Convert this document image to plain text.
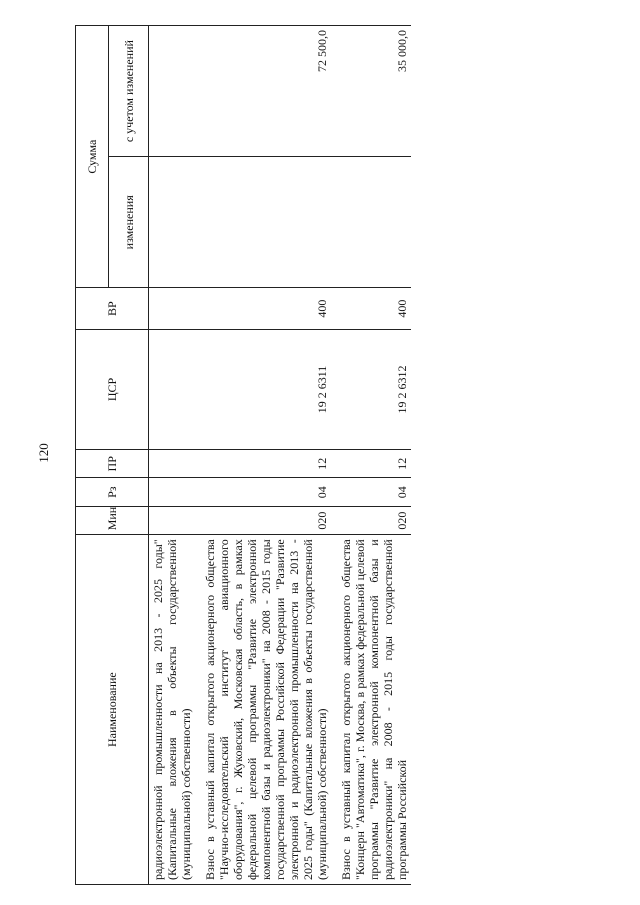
120
Наименование	Мин	Рз	ПР	ЦСР	ВР	Сумма	
						изменения	с учетом изменений
радиоэлектронной промышленности на 2013 - 2025 годы" (Капитальные вложения в объекты государственной (муниципальной) собственности)							
Взнос в уставный капитал открытого акционерного общества "Научно-исследовательский институт авиационного оборудования", г. Жуковский, Московская область, в рамках федеральной целевой программы "Развитие электронной компонентной базы и радиоэлектроники" на 2008 - 2015 годы государственной программы Российской Федерации "Развитие электронной и радиоэлектронной промышленности на 2013 - 2025 годы" (Капитальные вложения в объекты государственной (муниципальной) собственности)	020	04	12	19 2 6311	400		72 500,0
Взнос в уставный капитал открытого акционерного общества "Концерн "Автоматика", г. Москва, в рамках федеральной целевой программы "Развитие электронной компонентной базы и радиоэлектроники" на 2008 - 2015 годы государственной программы Российской	020	04	12	19 2 6312	400		35 000,0
